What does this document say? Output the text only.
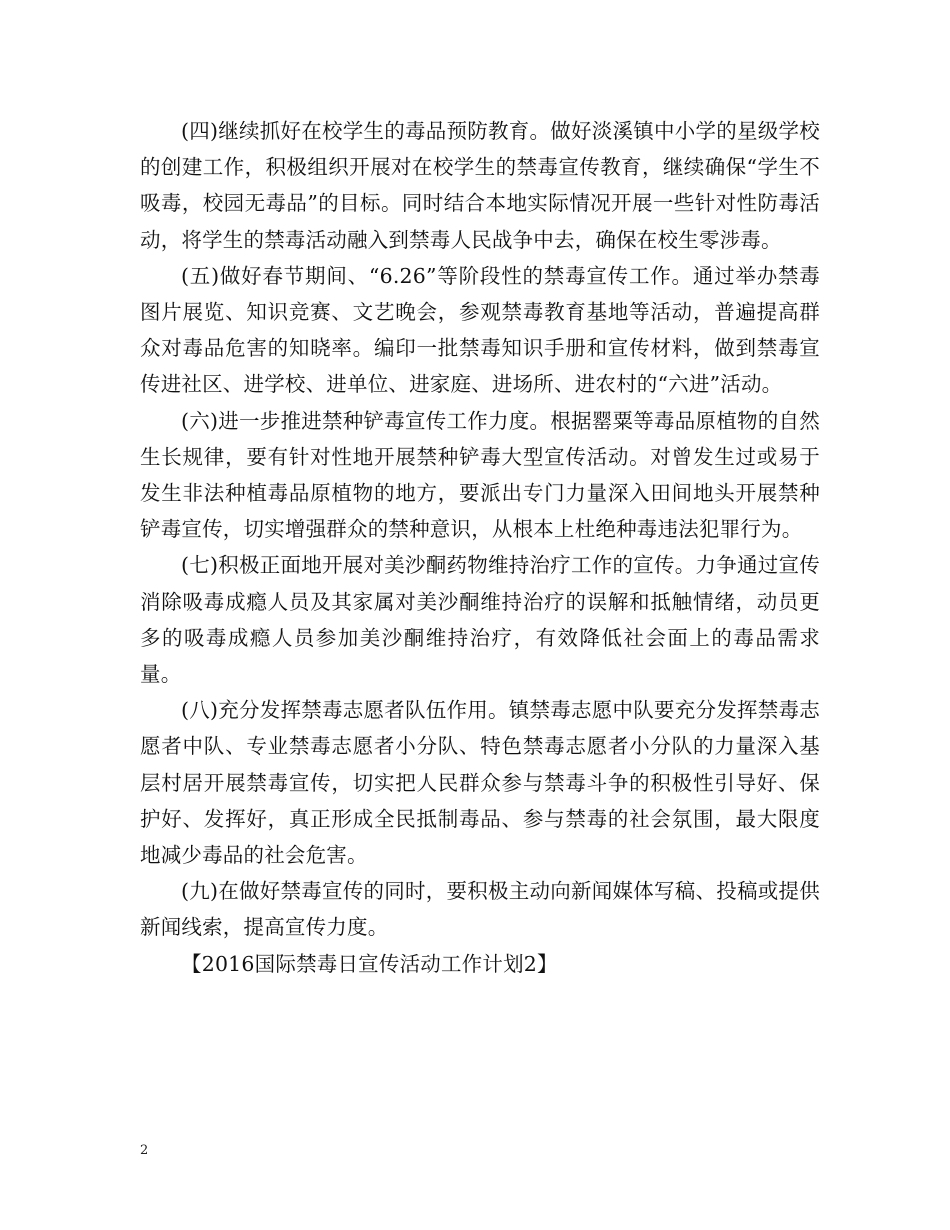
(四)继续抓好在校学生的毒品预防教育。做好淡溪镇中小学的星级学校的创建工作，积极组织开展对在校学生的禁毒宣传教育，继续确保“学生不吸毒，校园无毒品”的目标。同时结合本地实际情况开展一些针对性防毒活动，将学生的禁毒活动融入到禁毒人民战争中去，确保在校生零涉毒。

(五)做好春节期间、“6.26”等阶段性的禁毒宣传工作。通过举办禁毒图片展览、知识竞赛、文艺晚会，参观禁毒教育基地等活动，普遍提高群众对毒品危害的知晓率。编印一批禁毒知识手册和宣传材料，做到禁毒宣传进社区、进学校、进单位、进家庭、进场所、进农村的“六进”活动。

(六)进一步推进禁种铲毒宣传工作力度。根据罂粟等毒品原植物的自然生长规律，要有针对性地开展禁种铲毒大型宣传活动。对曾发生过或易于发生非法种植毒品原植物的地方，要派出专门力量深入田间地头开展禁种铲毒宣传，切实增强群众的禁种意识，从根本上杜绝种毒违法犯罪行为。

(七)积极正面地开展对美沙酮药物维持治疗工作的宣传。力争通过宣传消除吸毒成瘾人员及其家属对美沙酮维持治疗的误解和抵触情绪，动员更多的吸毒成瘾人员参加美沙酮维持治疗，有效降低社会面上的毒品需求量。

(八)充分发挥禁毒志愿者队伍作用。镇禁毒志愿中队要充分发挥禁毒志愿者中队、专业禁毒志愿者小分队、特色禁毒志愿者小分队的力量深入基层村居开展禁毒宣传，切实把人民群众参与禁毒斗争的积极性引导好、保护好、发挥好，真正形成全民抵制毒品、参与禁毒的社会氛围，最大限度地减少毒品的社会危害。

(九)在做好禁毒宣传的同时，要积极主动向新闻媒体写稿、投稿或提供新闻线索，提高宣传力度。

【2016国际禁毒日宣传活动工作计划2】

2
